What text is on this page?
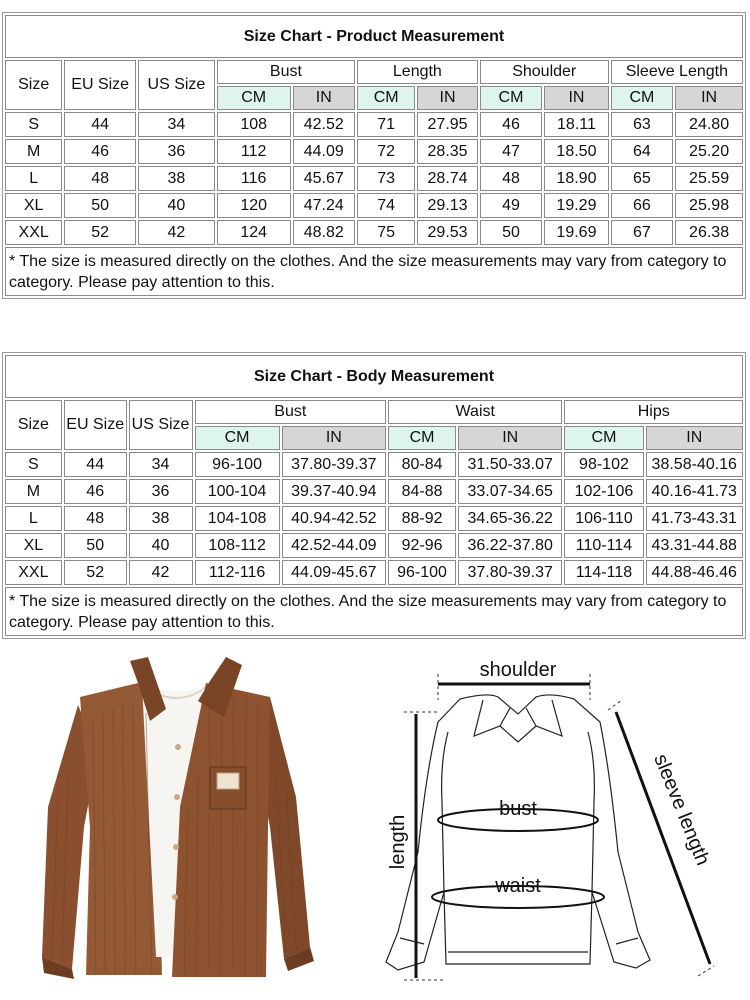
Size Chart - Product Measurement										
Size	EU Size	US Size	Bust		Length		Shoulder		Sleeve Length	
			CM	IN	CM	IN	CM	IN	CM	IN
S	44	34	108	42.52	71	27.95	46	18.11	63	24.80
M	46	36	112	44.09	72	28.35	47	18.50	64	25.20
L	48	38	116	45.67	73	28.74	48	18.90	65	25.59
XL	50	40	120	47.24	74	29.13	49	19.29	66	25.98
XXL	52	42	124	48.82	75	29.53	50	19.69	67	26.38
* The size is measured directly on the clothes. And the size measurements may vary from category to category. Please pay attention to this.										
Size Chart - Body Measurement								
Size	EU Size	US Size	Bust		Waist		Hips	
			CM	IN	CM	IN	CM	IN
S	44	34	96-100	37.80-39.37	80-84	31.50-33.07	98-102	38.58-40.16
M	46	36	100-104	39.37-40.94	84-88	33.07-34.65	102-106	40.16-41.73
L	48	38	104-108	40.94-42.52	88-92	34.65-36.22	106-110	41.73-43.31
XL	50	40	108-112	42.52-44.09	92-96	36.22-37.80	110-114	43.31-44.88
XXL	52	42	112-116	44.09-45.67	96-100	37.80-39.37	114-118	44.88-46.46
* The size is measured directly on the clothes. And the size measurements may vary from category to category. Please pay attention to this.								
shoulder
bust
waist
length	sleeve length
